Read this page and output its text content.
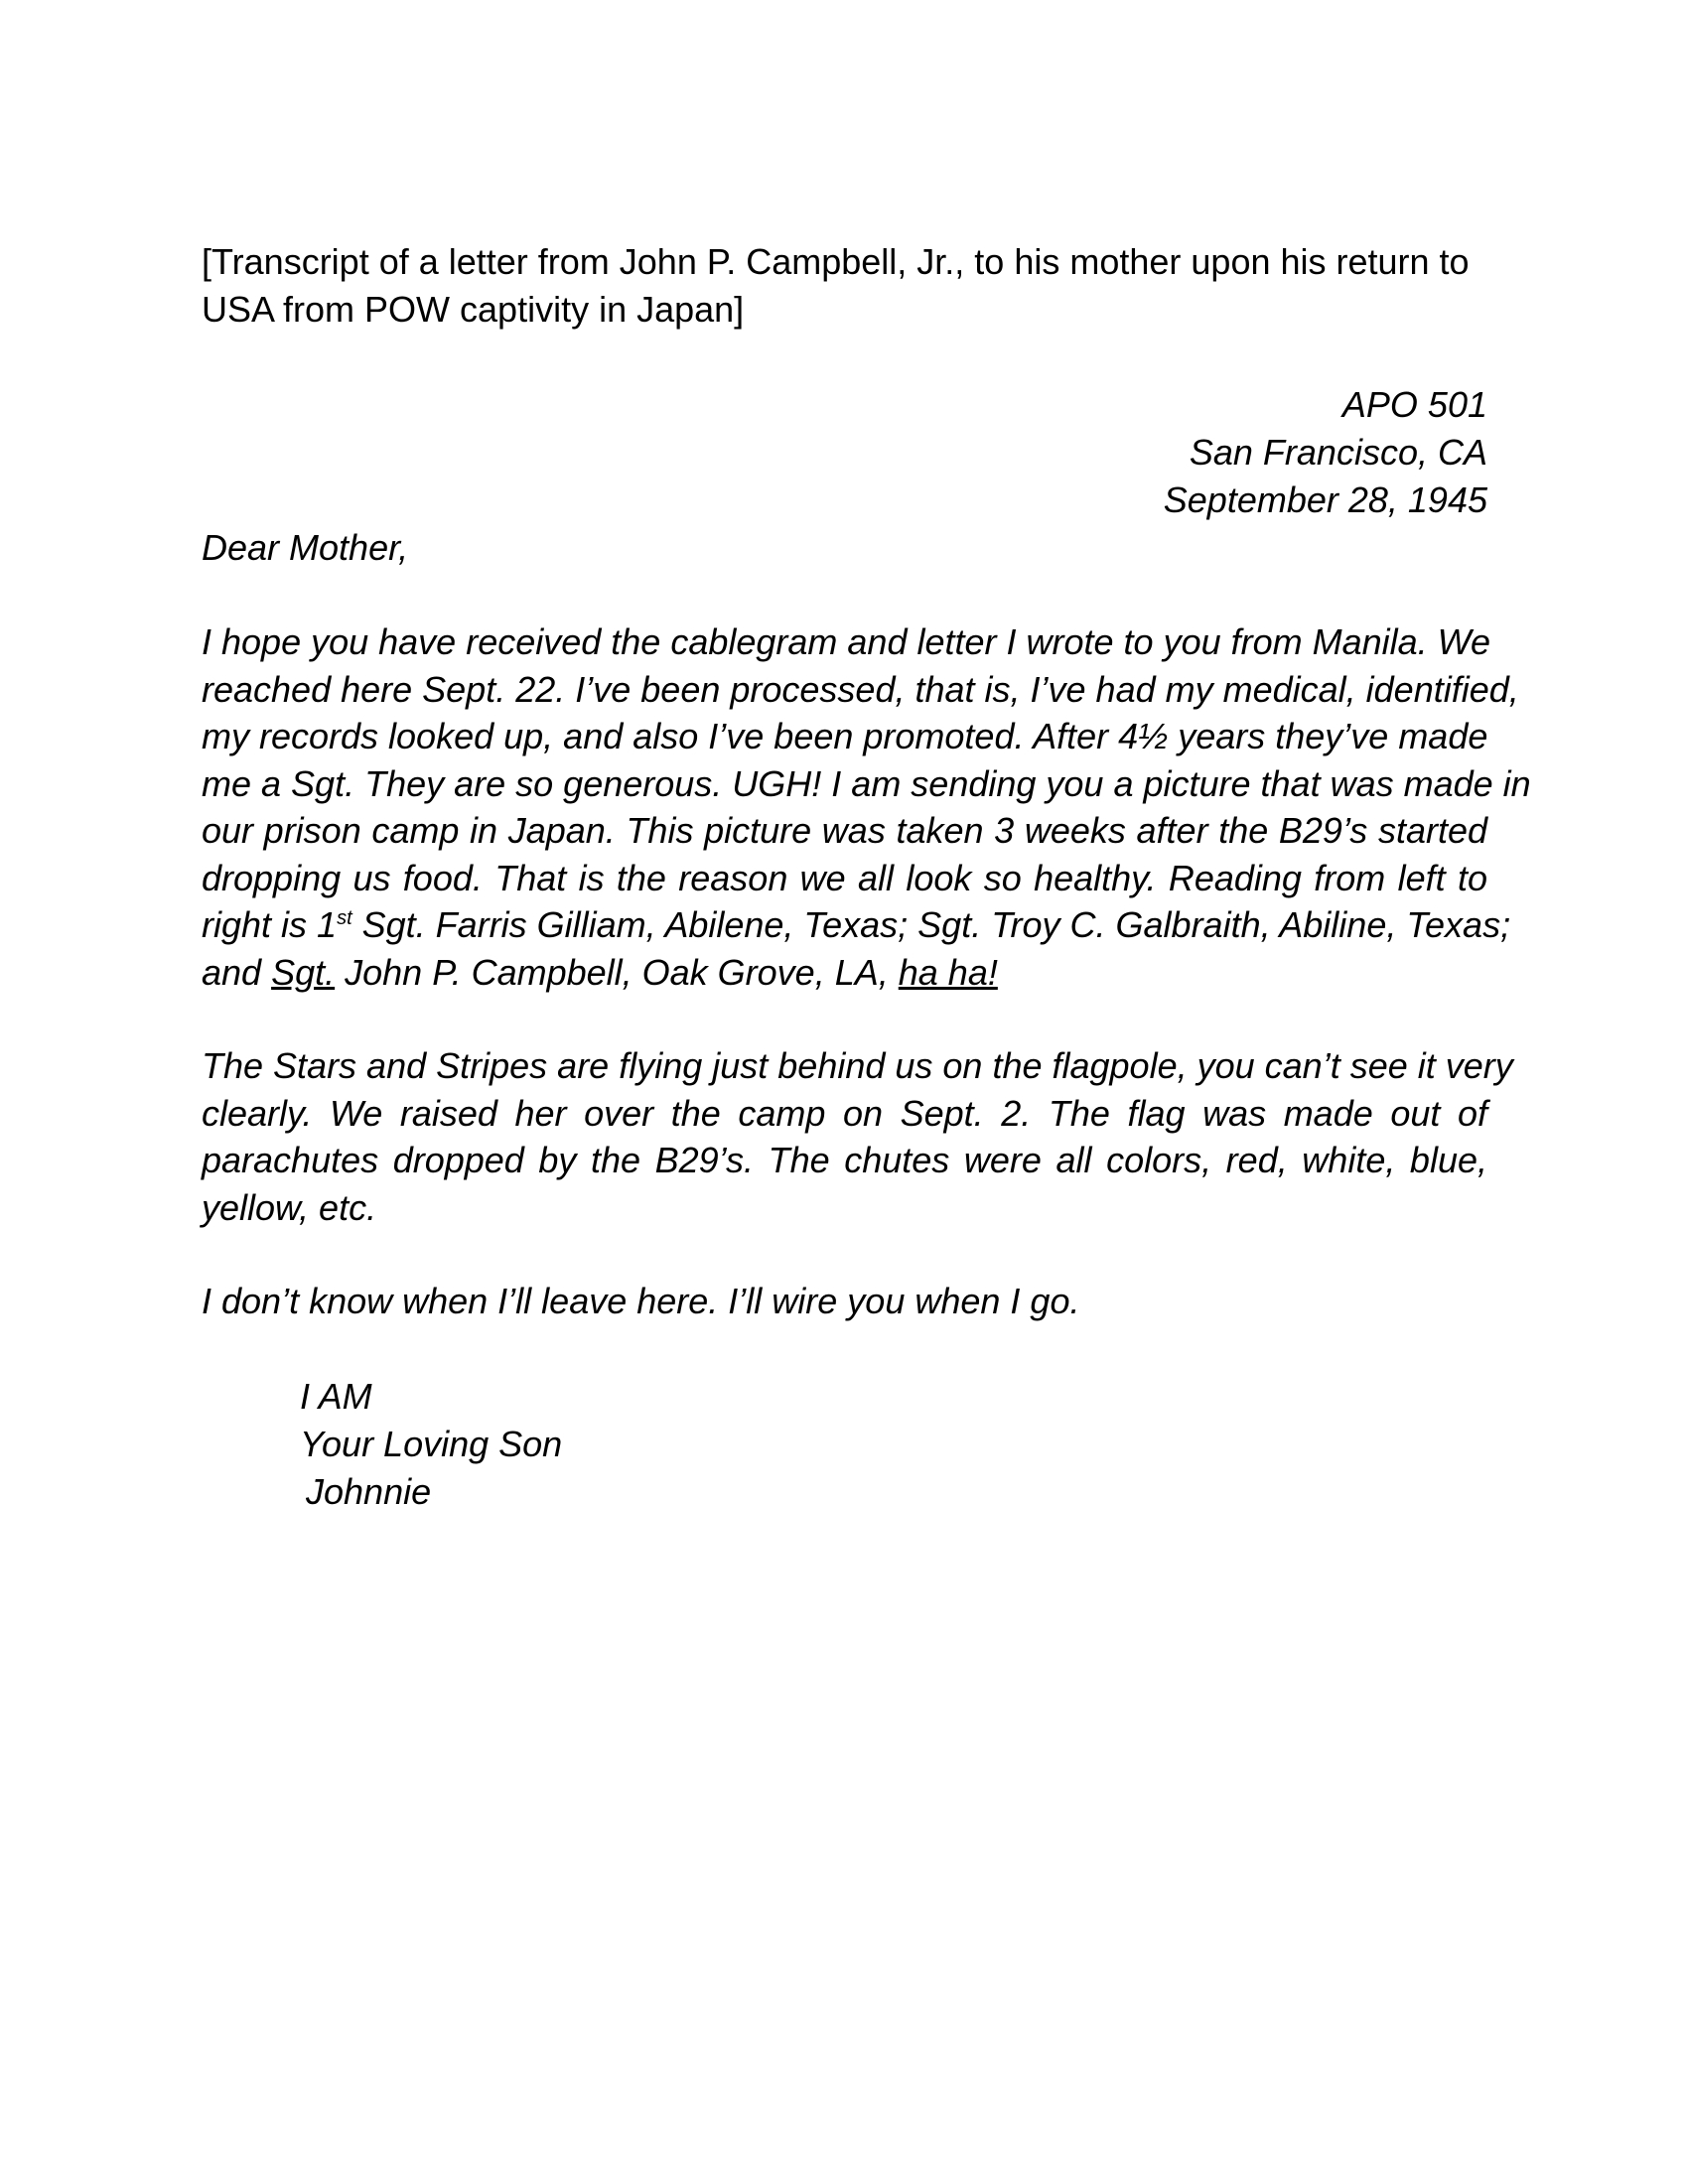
[Transcript of a letter from John P. Campbell, Jr., to his mother upon his return to
USA from POW captivity in Japan]
APO 501
San Francisco, CA
September 28, 1945
Dear Mother,
I hope you have received the cablegram and letter I wrote to you from Manila. We
reached here Sept. 22. I’ve been processed, that is, I’ve had my medical, identified,
my records looked up, and also I’ve been promoted. After 4½ years they’ve made
me a Sgt. They are so generous. UGH! I am sending you a picture that was made in
our prison camp in Japan. This picture was taken 3 weeks after the B29’s started
dropping us food. That is the reason we all look so healthy. Reading from left to
right is 1st Sgt. Farris Gilliam, Abilene, Texas; Sgt. Troy C. Galbraith, Abiline, Texas;
and Sgt. John P. Campbell, Oak Grove, LA, ha ha!
The Stars and Stripes are flying just behind us on the flagpole, you can’t see it very
clearly. We raised her over the camp on Sept. 2. The flag was made out of
parachutes dropped by the B29’s. The chutes were all colors, red, white, blue,
yellow, etc.
I don’t know when I’ll leave here. I’ll wire you when I go.
I AM
Your Loving Son
Johnnie
